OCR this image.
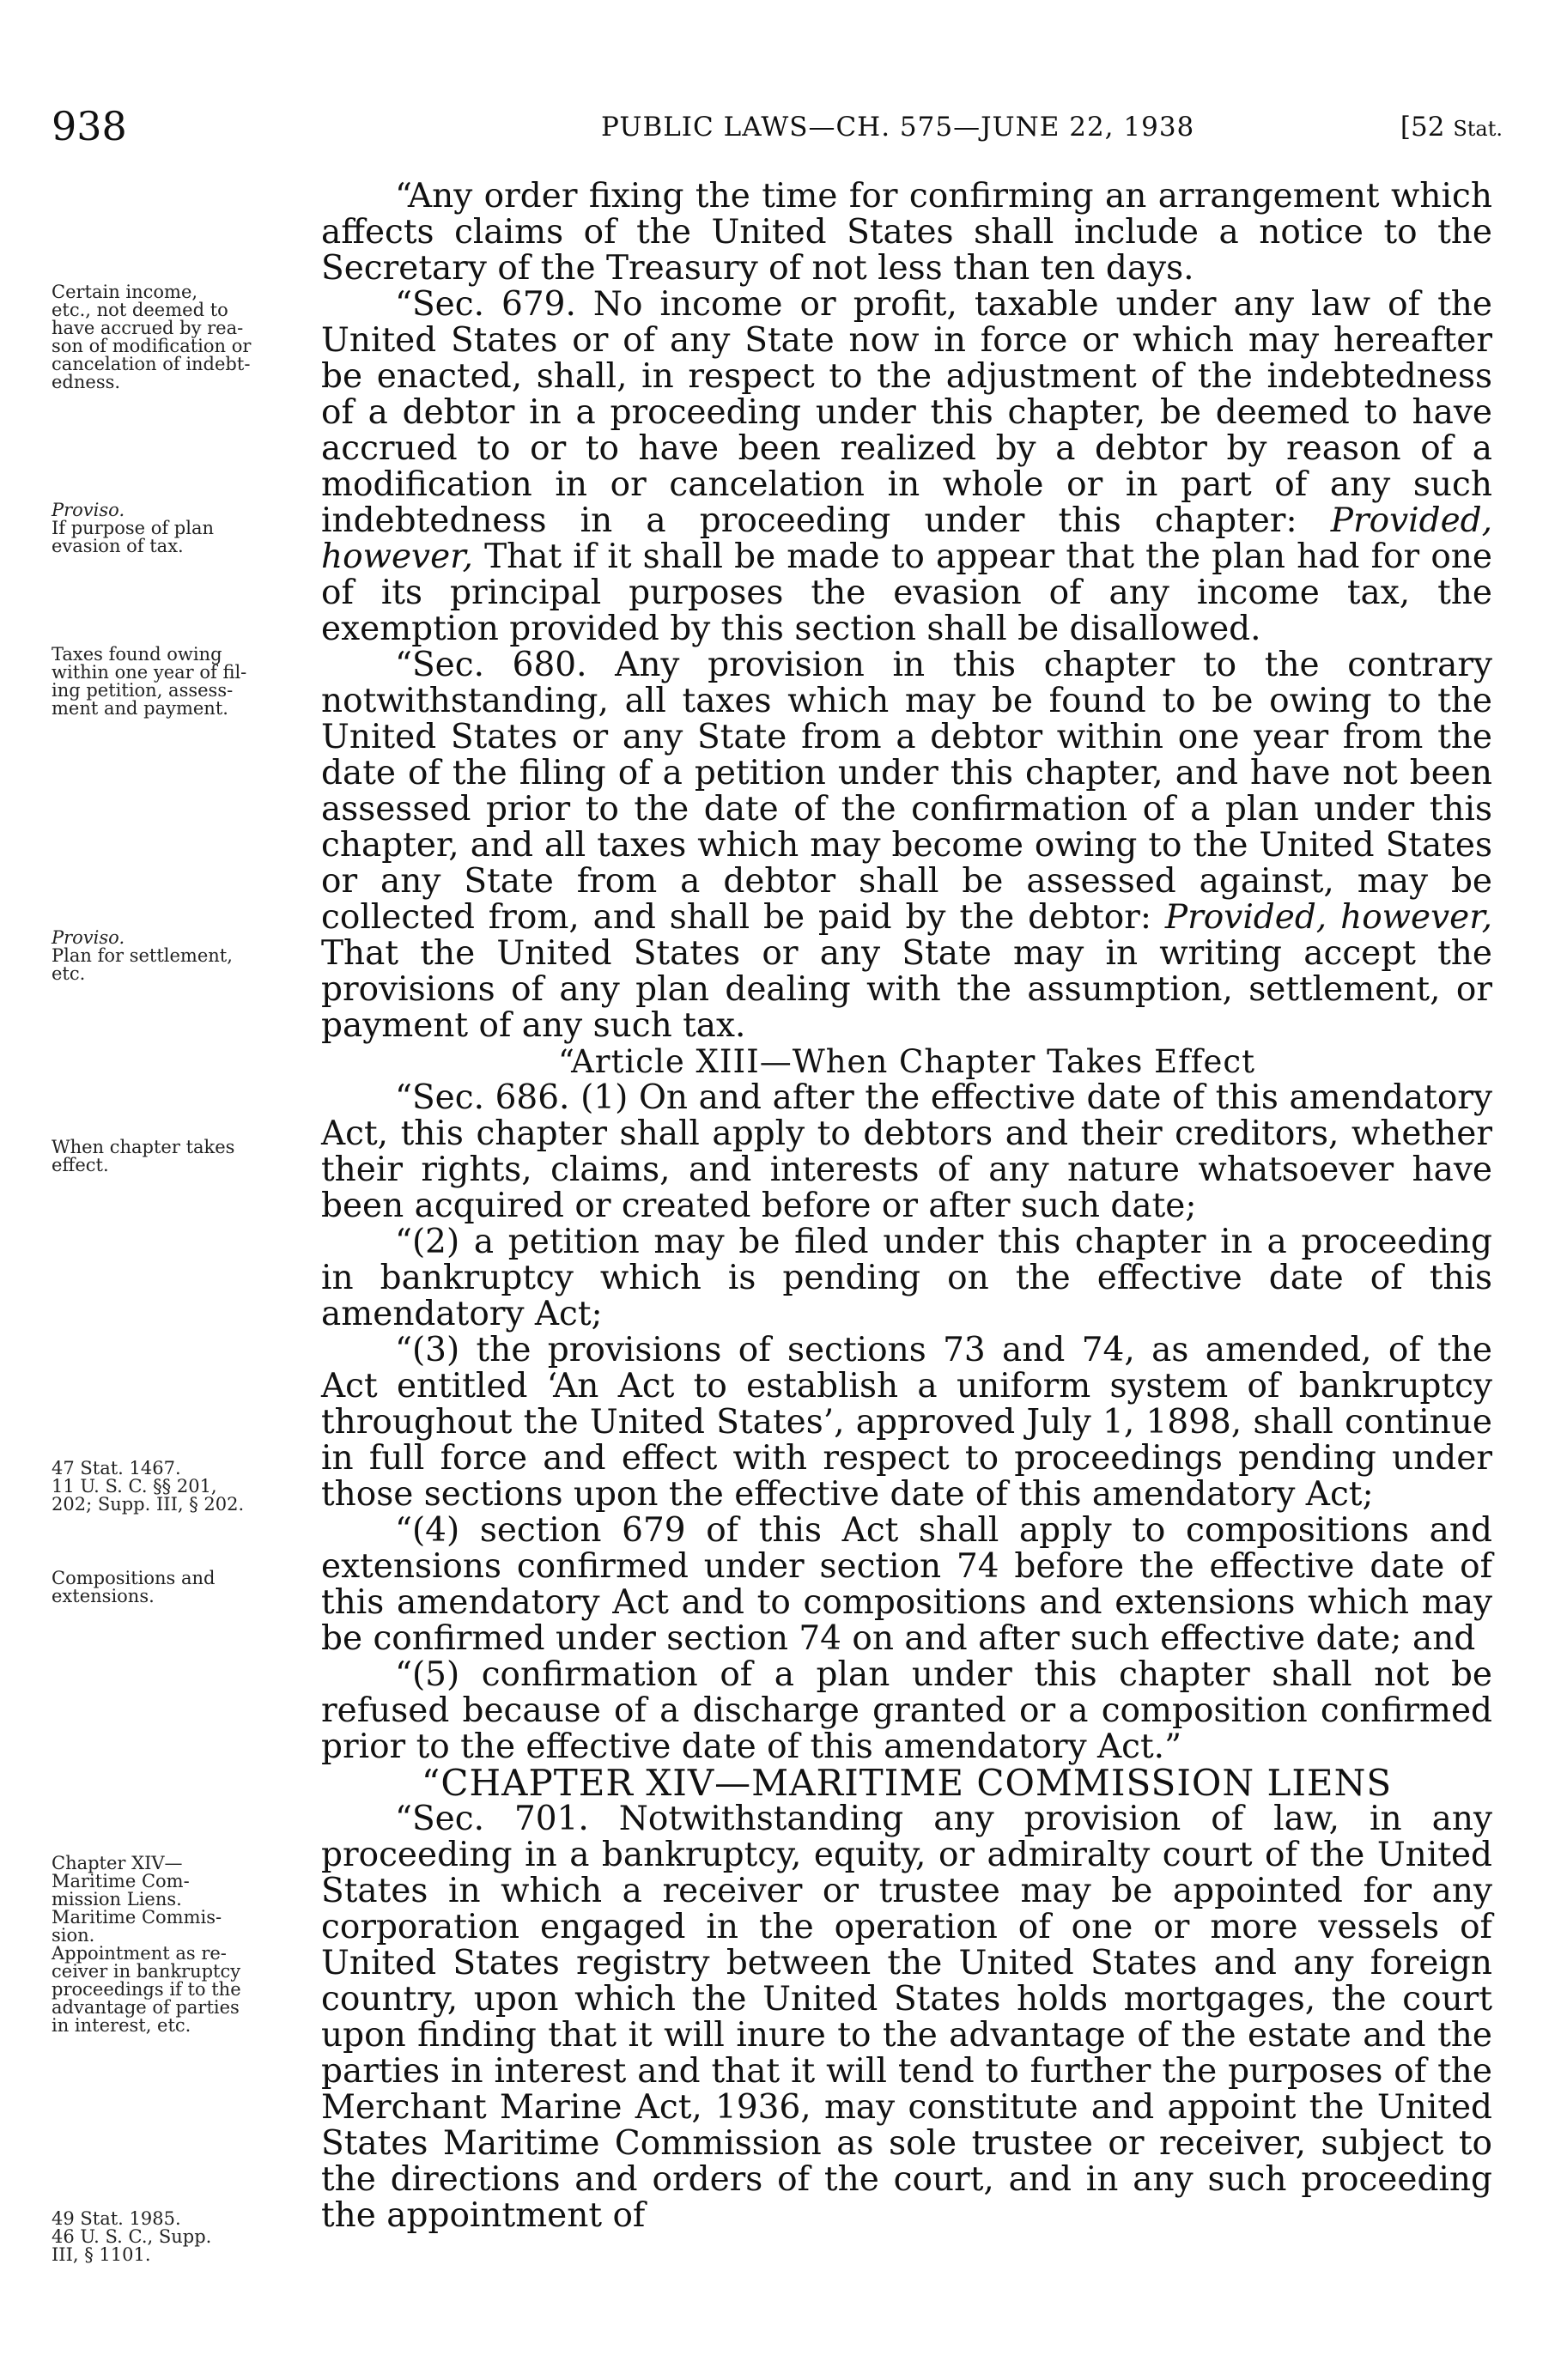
938	PUBLIC LAWS—CH. 575—JUNE 22, 1938	[52 Stat.
Certain income,
etc., not deemed to
have accrued by rea-
son of modification or
cancelation of indebt-
edness.
Proviso.
If purpose of plan
evasion of tax.
Taxes found owing
within one year of fil-
ing petition, assess-
ment and payment.
Proviso.
Plan for settlement,
etc.
When chapter takes
effect.
47 Stat. 1467.
11 U. S. C. §§ 201,
202; Supp. III, § 202.
Compositions and
extensions.
Chapter XIV—
Maritime Com-
mission Liens.
Maritime Commis-
sion.
Appointment as re-
ceiver in bankruptcy
proceedings if to the
advantage of parties
in interest, etc.
49 Stat. 1985.
46 U. S. C., Supp.
III, § 1101.

“Any order fixing the time for confirming an arrangement which affects claims of the United States shall include a notice to the Secretary of the Treasury of not less than ten days.

“Sec. 679. No income or profit, taxable under any law of the United States or of any State now in force or which may hereafter be enacted, shall, in respect to the adjustment of the indebtedness of a debtor in a proceeding under this chapter, be deemed to have accrued to or to have been realized by a debtor by reason of a modification in or cancelation in whole or in part of any such indebtedness in a proceeding under this chapter: Provided, however, That if it shall be made to appear that the plan had for one of its principal purposes the evasion of any income tax, the exemption provided by this section shall be disallowed.

“Sec. 680. Any provision in this chapter to the contrary notwithstanding, all taxes which may be found to be owing to the United States or any State from a debtor within one year from the date of the filing of a petition under this chapter, and have not been assessed prior to the date of the confirmation of a plan under this chapter, and all taxes which may become owing to the United States or any State from a debtor shall be assessed against, may be collected from, and shall be paid by the debtor: Provided, however, That the United States or any State may in writing accept the provisions of any plan dealing with the assumption, settlement, or payment of any such tax.

“Article XIII—When Chapter Takes Effect

“Sec. 686. (1) On and after the effective date of this amendatory Act, this chapter shall apply to debtors and their creditors, whether their rights, claims, and interests of any nature whatsoever have been acquired or created before or after such date;

“(2) a petition may be filed under this chapter in a proceeding in bankruptcy which is pending on the effective date of this amendatory Act;

“(3) the provisions of sections 73 and 74, as amended, of the Act entitled ‘An Act to establish a uniform system of bankruptcy throughout the United States’, approved July 1, 1898, shall continue in full force and effect with respect to proceedings pending under those sections upon the effective date of this amendatory Act;

“(4) section 679 of this Act shall apply to compositions and extensions confirmed under section 74 before the effective date of this amendatory Act and to compositions and extensions which may be confirmed under section 74 on and after such effective date; and

“(5) confirmation of a plan under this chapter shall not be refused because of a discharge granted or a composition confirmed prior to the effective date of this amendatory Act.”

“CHAPTER XIV—MARITIME COMMISSION LIENS

“Sec. 701. Notwithstanding any provision of law, in any proceeding in a bankruptcy, equity, or admiralty court of the United States in which a receiver or trustee may be appointed for any corporation engaged in the operation of one or more vessels of United States registry between the United States and any foreign country, upon which the United States holds mortgages, the court upon finding that it will inure to the advantage of the estate and the parties in interest and that it will tend to further the purposes of the Merchant Marine Act, 1936, may constitute and appoint the United States Maritime Commission as sole trustee or receiver, subject to the directions and orders of the court, and in any such proceeding the appointment of
